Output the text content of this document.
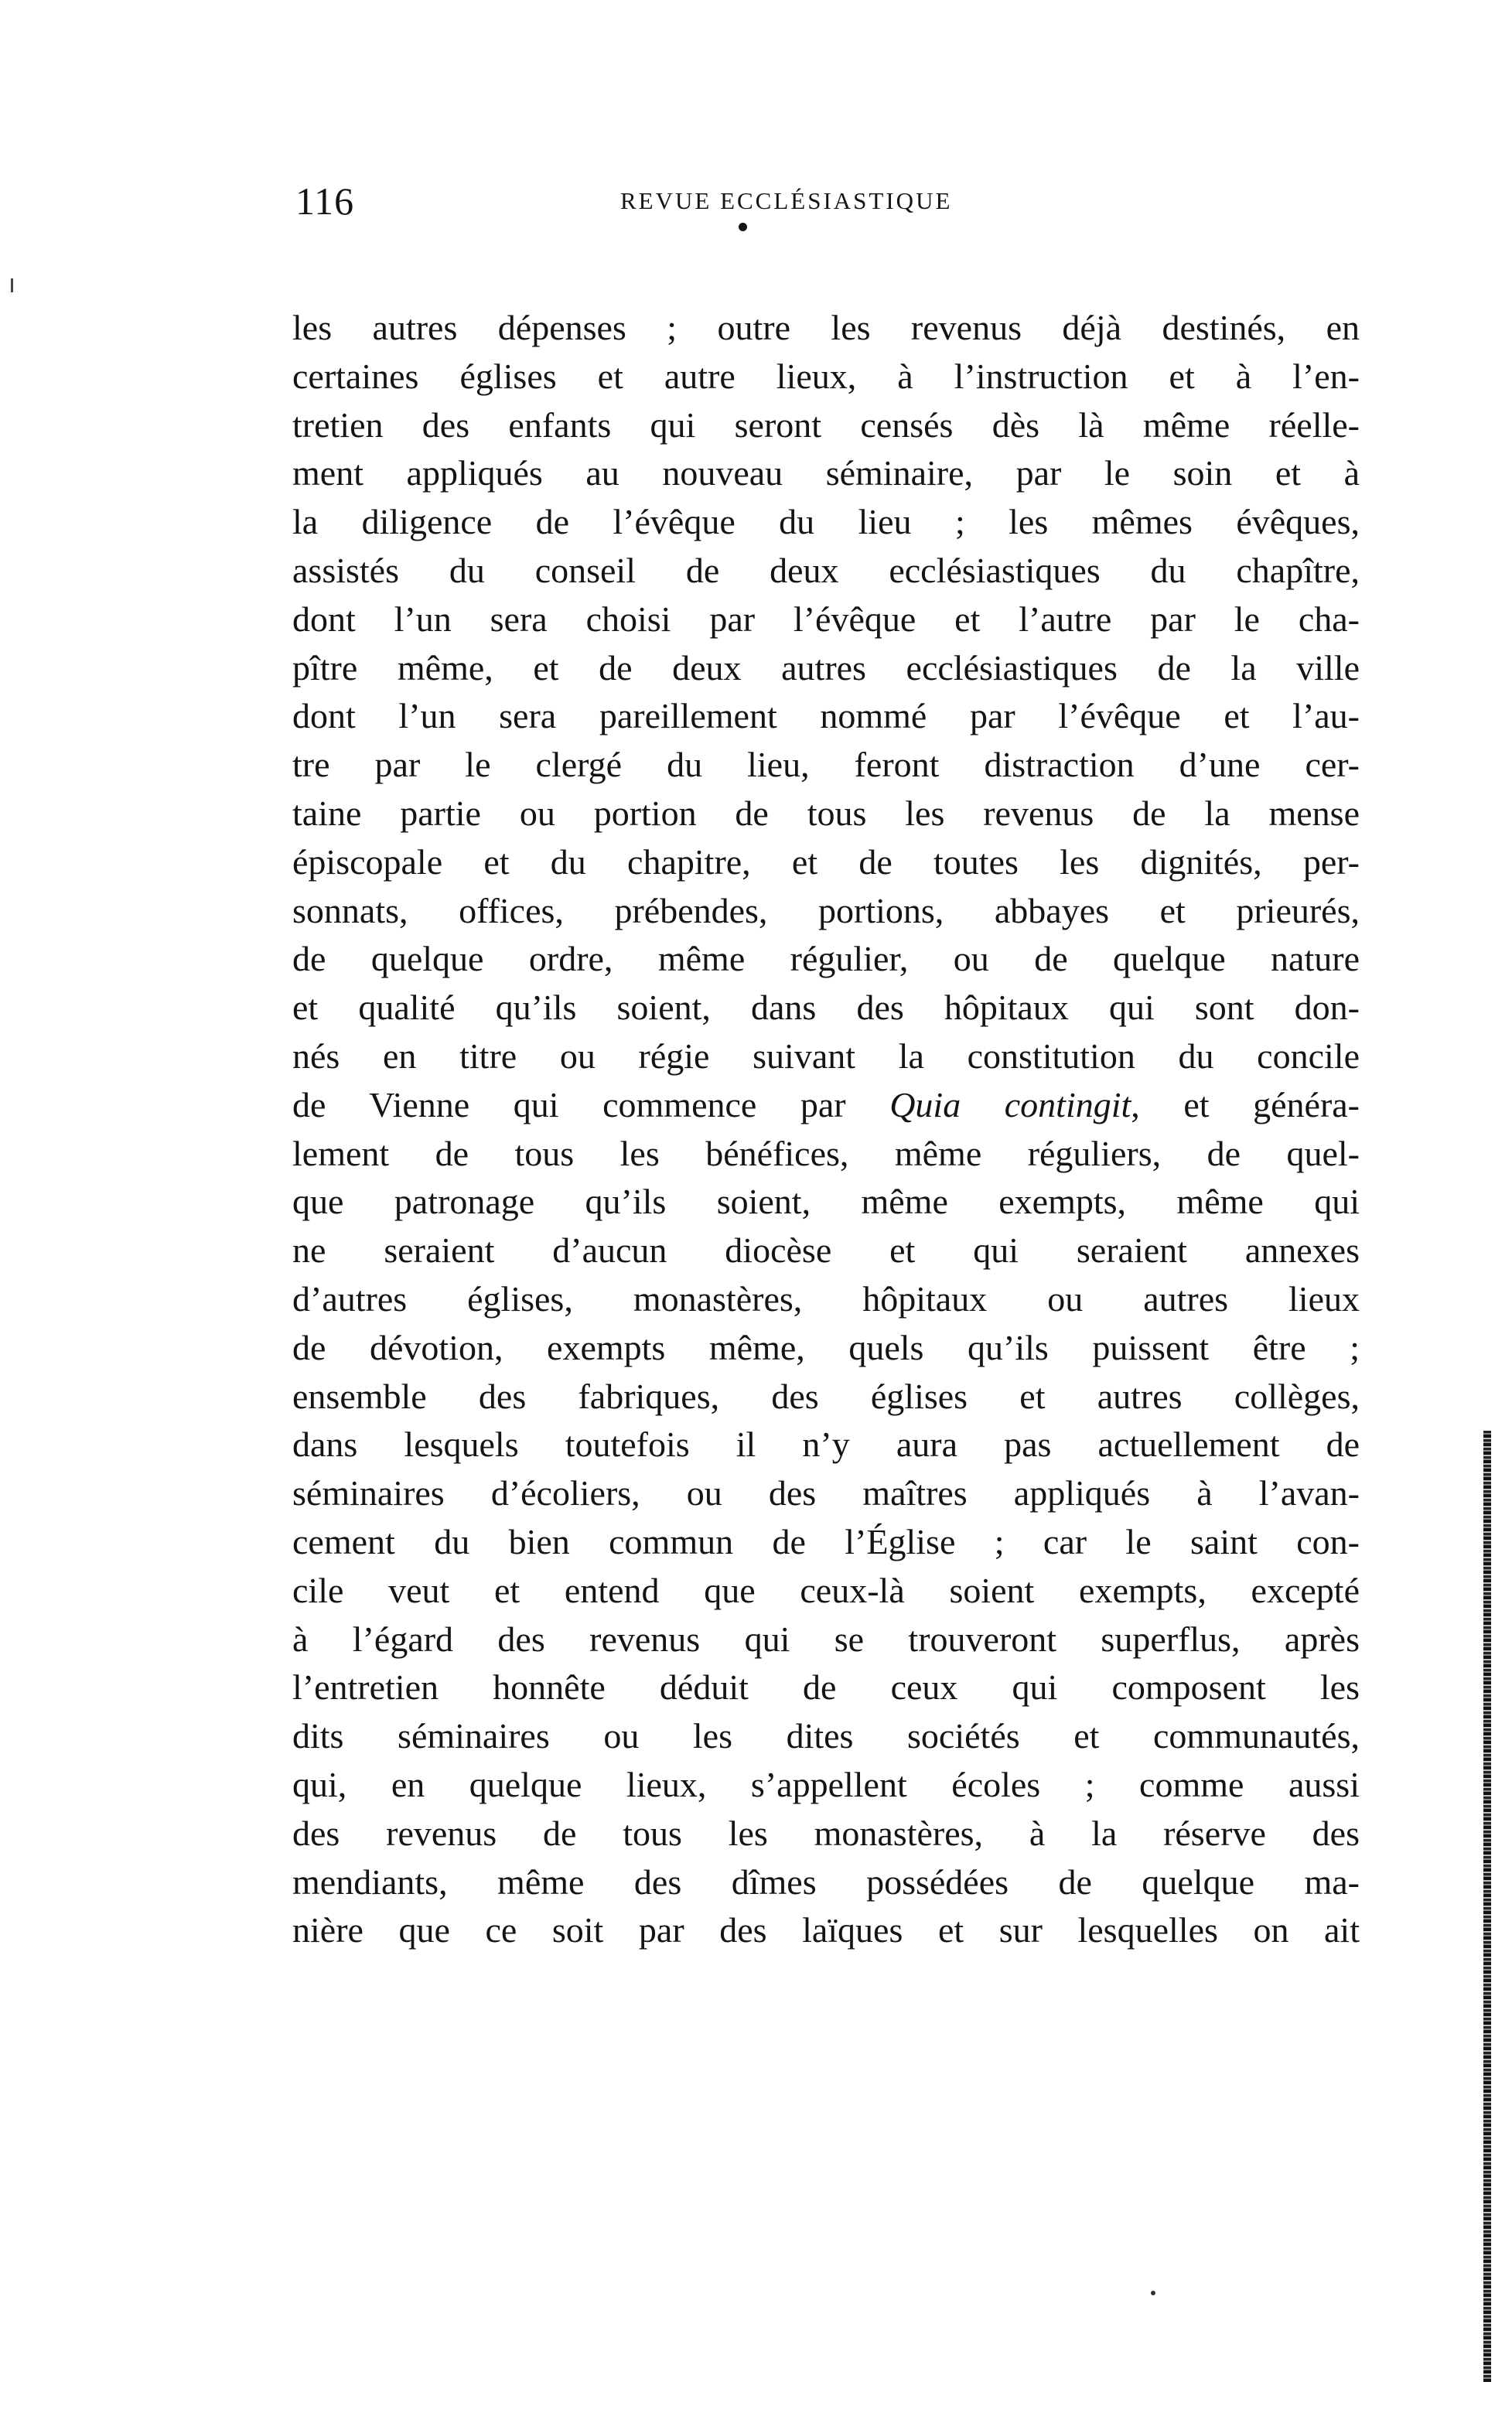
116	REVUE ECCLÉSIASTIQUE
les autres dépenses ; outre les revenus déjà destinés, en
certaines églises et autre lieux, à l’instruction et à l’en-
tretien des enfants qui seront censés dès là même réelle-
ment appliqués au nouveau séminaire, par le soin et à
la diligence de l’évêque du lieu ; les mêmes évêques,
assistés du conseil de deux ecclésiastiques du chapître,
dont l’un sera choisi par l’évêque et l’autre par le cha-
pître même, et de deux autres ecclésiastiques de la ville
dont l’un sera pareillement nommé par l’évêque et l’au-
tre par le clergé du lieu, feront distraction d’une cer-
taine partie ou portion de tous les revenus de la mense
épiscopale et du chapitre, et de toutes les dignités, per-
sonnats, offices, prébendes, portions, abbayes et prieurés,
de quelque ordre, même régulier, ou de quelque nature
et qualité qu’ils soient, dans des hôpitaux qui sont don-
nés en titre ou régie suivant la constitution du concile
de Vienne qui commence par Quia contingit, et généra-
lement de tous les bénéfices, même réguliers, de quel-
que patronage qu’ils soient, même exempts, même qui
ne seraient d’aucun diocèse et qui seraient annexes
d’autres églises, monastères, hôpitaux ou autres lieux
de dévotion, exempts même, quels qu’ils puissent être ;
ensemble des fabriques, des églises et autres collèges,
dans lesquels toutefois il n’y aura pas actuellement de
séminaires d’écoliers, ou des maîtres appliqués à l’avan-
cement du bien commun de l’Église ; car le saint con-
cile veut et entend que ceux-là soient exempts, excepté
à l’égard des revenus qui se trouveront superflus, après
l’entretien honnête déduit de ceux qui composent les
dits séminaires ou les dites sociétés et communautés,
qui, en quelque lieux, s’appellent écoles ; comme aussi
des revenus de tous les monastères, à la réserve des
mendiants, même des dîmes possédées de quelque ma-
nière que ce soit par des laïques et sur lesquelles on ait
